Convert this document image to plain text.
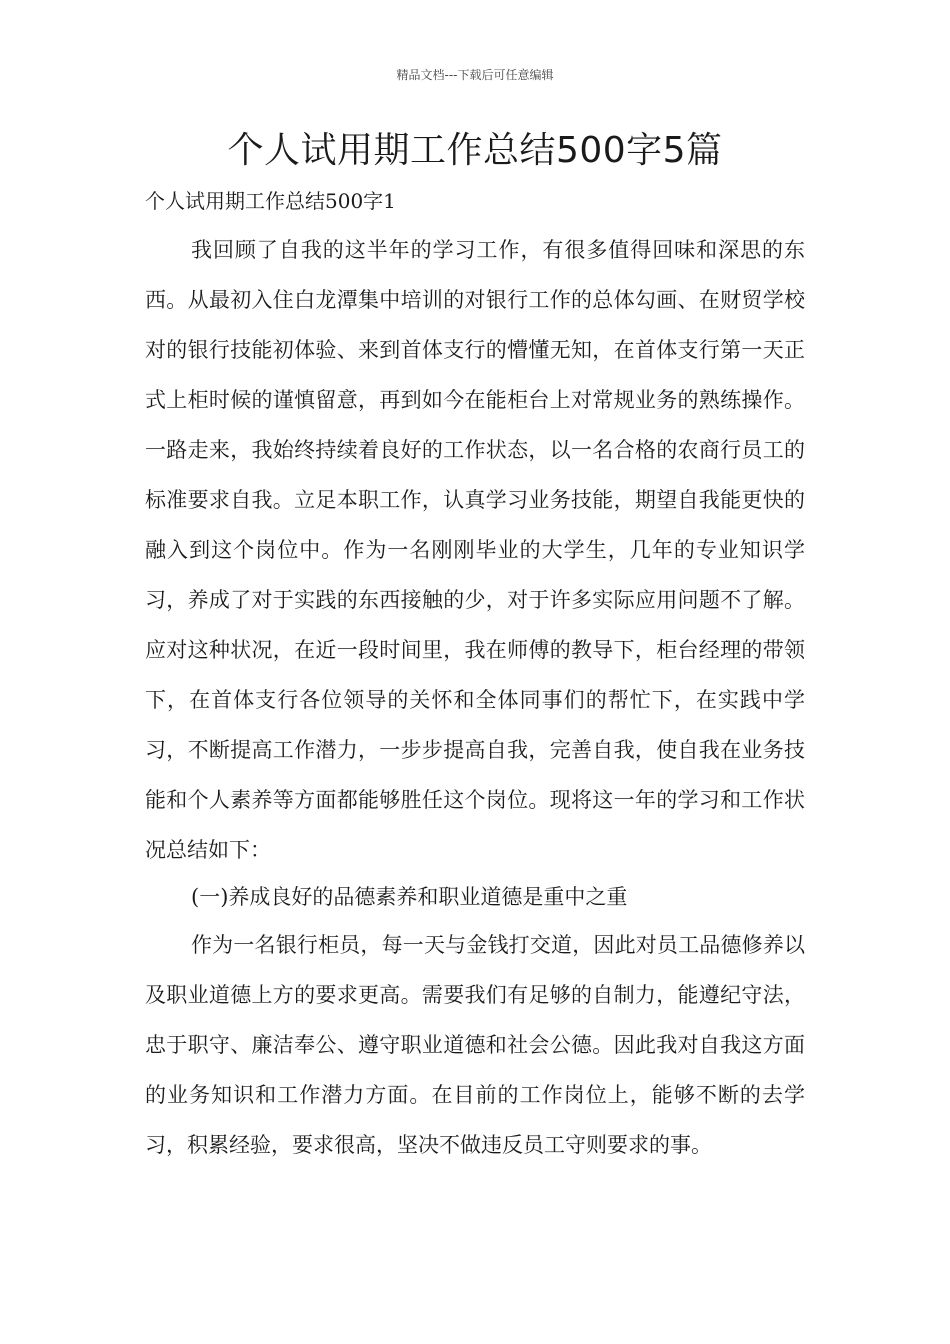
精品文档---下载后可任意编辑
个人试用期工作总结500字5篇
个人试用期工作总结500字1

我回顾了自我的这半年的学习工作，有很多值得回味和深思的东西。从最初入住白龙潭集中培训的对银行工作的总体勾画、在财贸学校对的银行技能初体验、来到首体支行的懵懂无知，在首体支行第一天正式上柜时候的谨慎留意，再到如今在能柜台上对常规业务的熟练操作。一路走来，我始终持续着良好的工作状态，以一名合格的农商行员工的标准要求自我。立足本职工作，认真学习业务技能，期望自我能更快的融入到这个岗位中。作为一名刚刚毕业的大学生，几年的专业知识学习，养成了对于实践的东西接触的少，对于许多实际应用问题不了解。应对这种状况，在近一段时间里，我在师傅的教导下，柜台经理的带领下，在首体支行各位领导的关怀和全体同事们的帮忙下，在实践中学习，不断提高工作潜力，一步步提高自我，完善自我，使自我在业务技能和个人素养等方面都能够胜任这个岗位。现将这一年的学习和工作状况总结如下：

(一)养成良好的品德素养和职业道德是重中之重

作为一名银行柜员，每一天与金钱打交道，因此对员工品德修养以及职业道德上方的要求更高。需要我们有足够的自制力，能遵纪守法，忠于职守、廉洁奉公、遵守职业道德和社会公德。因此我对自我这方面的业务知识和工作潜力方面。在目前的工作岗位上，能够不断的去学习，积累经验，要求很高，坚决不做违反员工守则要求的事。
